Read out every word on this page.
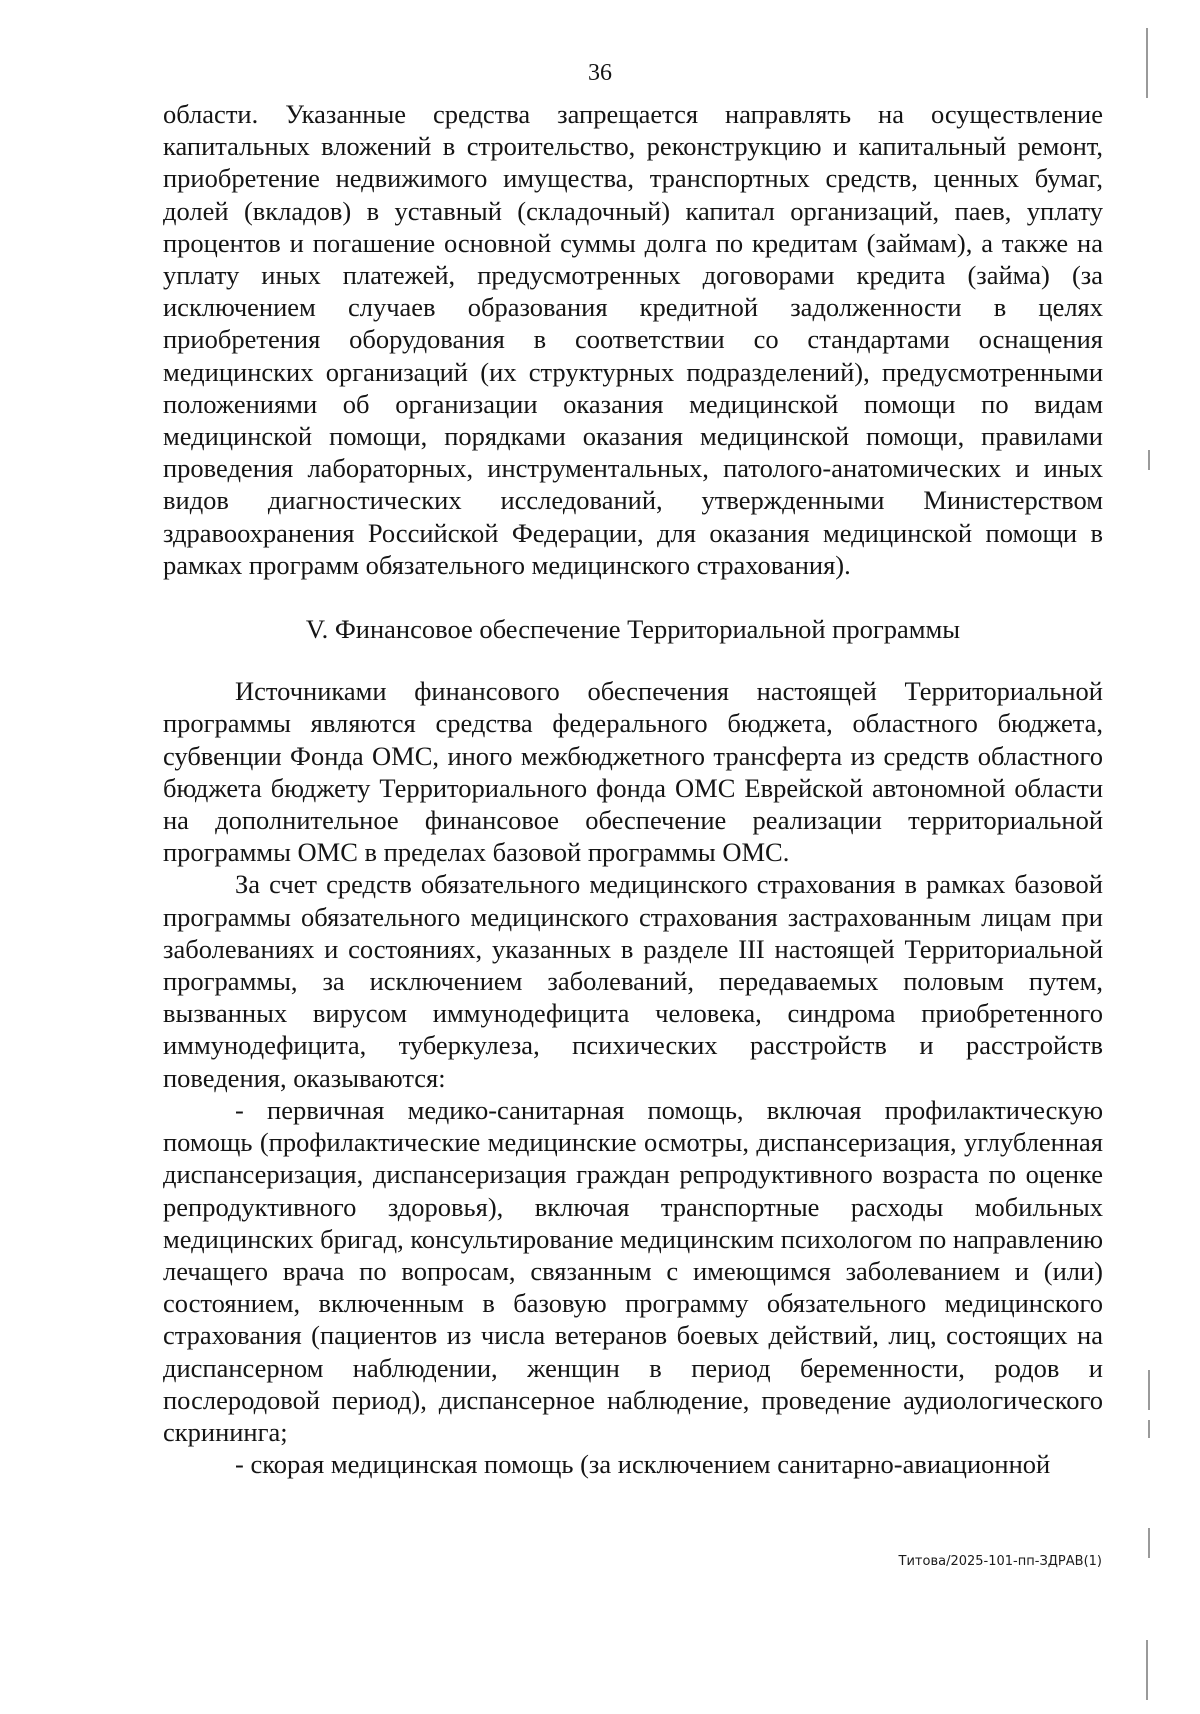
36

области. Указанные средства запрещается направлять на осуществление капитальных вложений в строительство, реконструкцию и капитальный ремонт, приобретение недвижимого имущества, транспортных средств, ценных бумаг, долей (вкладов) в уставный (складочный) капитал организаций, паев, уплату процентов и погашение основной суммы долга по кредитам (займам), а также на уплату иных платежей, предусмотренных договорами кредита (займа) (за исключением случаев образования кредитной задолженности в целях приобретения оборудования в соответствии со стандартами оснащения медицинских организаций (их структурных подразделений), предусмотренными положениями об организации оказания медицинской помощи по видам медицинской помощи, порядками оказания медицинской помощи, правилами проведения лабораторных, инструментальных, патолого-анатомических и иных видов диагностических исследований, утвержденными Министерством здравоохранения Российской Федерации, для оказания медицинской помощи в рамках программ обязательного медицинского страхования).

V. Финансовое обеспечение Территориальной программы

Источниками финансового обеспечения настоящей Территориальной программы являются средства федерального бюджета, областного бюджета, субвенции Фонда ОМС, иного межбюджетного трансферта из средств областного бюджета бюджету Территориального фонда ОМС Еврейской автономной области на дополнительное финансовое обеспечение реализации территориальной программы ОМС в пределах базовой программы ОМС.

За счет средств обязательного медицинского страхования в рамках базовой программы обязательного медицинского страхования застрахованным лицам при заболеваниях и состояниях, указанных в разделе III настоящей Территориальной программы, за исключением заболеваний, передаваемых половым путем, вызванных вирусом иммунодефицита человека, синдрома приобретенного иммунодефицита, туберкулеза, психических расстройств и расстройств поведения, оказываются:

- первичная медико-санитарная помощь, включая профилактическую помощь (профилактические медицинские осмотры, диспансеризация, углубленная диспансеризация, диспансеризация граждан репродуктивного возраста по оценке репродуктивного здоровья), включая транспортные расходы мобильных медицинских бригад, консультирование медицинским психологом по направлению лечащего врача по вопросам, связанным с имеющимся заболеванием и (или) состоянием, включенным в базовую программу обязательного медицинского страхования (пациентов из числа ветеранов боевых действий, лиц, состоящих на диспансерном наблюдении, женщин в период беременности, родов и послеродовой период), диспансерное наблюдение, проведение аудиологического скрининга;

- скорая медицинская помощь (за исключением санитарно-авиационной

Титова/2025-101-пп-ЗДРАВ(1)
